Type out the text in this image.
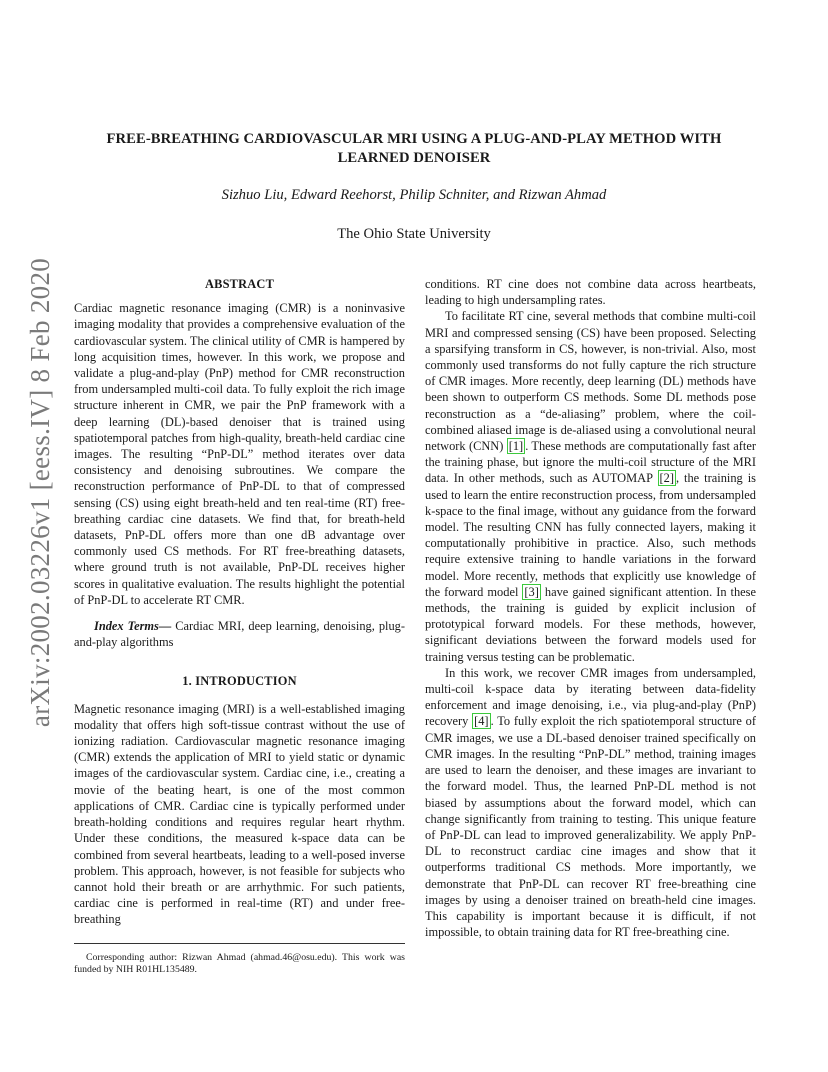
arXiv:2002.03226v1 [eess.IV] 8 Feb 2020
FREE-BREATHING CARDIOVASCULAR MRI USING A PLUG-AND-PLAY METHOD WITH LEARNED DENOISER
Sizhuo Liu, Edward Reehorst, Philip Schniter, and Rizwan Ahmad
The Ohio State University
ABSTRACT

Cardiac magnetic resonance imaging (CMR) is a noninvasive imaging modality that provides a comprehensive evaluation of the cardiovascular system. The clinical utility of CMR is hampered by long acquisition times, however. In this work, we propose and validate a plug-and-play (PnP) method for CMR reconstruction from undersampled multi-coil data. To fully exploit the rich image structure inherent in CMR, we pair the PnP framework with a deep learning (DL)-based denoiser that is trained using spatiotemporal patches from high-quality, breath-held cardiac cine images. The resulting “PnP-DL” method iterates over data consistency and denoising subroutines. We compare the reconstruction performance of PnP-DL to that of compressed sensing (CS) using eight breath-held and ten real-time (RT) free-breathing cardiac cine datasets. We find that, for breath-held datasets, PnP-DL offers more than one dB advantage over commonly used CS methods. For RT free-breathing datasets, where ground truth is not available, PnP-DL receives higher scores in qualitative evaluation. The results highlight the potential of PnP-DL to accelerate RT CMR.

Index Terms— Cardiac MRI, deep learning, denoising, plug-and-play algorithms

1. INTRODUCTION

Magnetic resonance imaging (MRI) is a well-established imaging modality that offers high soft-tissue contrast without the use of ionizing radiation. Cardiovascular magnetic resonance imaging (CMR) extends the application of MRI to yield static or dynamic images of the cardiovascular system. Cardiac cine, i.e., creating a movie of the beating heart, is one of the most common applications of CMR. Cardiac cine is typically performed under breath-holding conditions and requires regular heart rhythm. Under these conditions, the measured k-space data can be combined from several heartbeats, leading to a well-posed inverse problem. This approach, however, is not feasible for subjects who cannot hold their breath or are arrhythmic. For such patients, cardiac cine is performed in real-time (RT) and under free-breathing

Corresponding author: Rizwan Ahmad (ahmad.46@osu.edu). This work was funded by NIH R01HL135489.

conditions. RT cine does not combine data across heartbeats, leading to high undersampling rates.

To facilitate RT cine, several methods that combine multi-coil MRI and compressed sensing (CS) have been proposed. Selecting a sparsifying transform in CS, however, is non-trivial. Also, most commonly used transforms do not fully capture the rich structure of CMR images. More recently, deep learning (DL) methods have been shown to outperform CS methods. Some DL methods pose reconstruction as a “de-aliasing” problem, where the coil-combined aliased image is de-aliased using a convolutional neural network (CNN) [1] . These methods are computationally fast after the training phase, but ignore the multi-coil structure of the MRI data. In other methods, such as AUTOMAP [2] , the training is used to learn the entire reconstruction process, from undersampled k-space to the final image, without any guidance from the forward model. The resulting CNN has fully connected layers, making it computationally prohibitive in practice. Also, such methods require extensive training to handle variations in the forward model. More recently, methods that explicitly use knowledge of the forward model [3] have gained significant attention. In these methods, the training is guided by explicit inclusion of prototypical forward models. For these methods, however, significant deviations between the forward models used for training versus testing can be problematic.

In this work, we recover CMR images from undersampled, multi-coil k-space data by iterating between data-fidelity enforcement and image denoising, i.e., via plug-and-play (PnP) recovery [4] . To fully exploit the rich spatiotemporal structure of CMR images, we use a DL-based denoiser trained specifically on CMR images. In the resulting “PnP-DL” method, training images are used to learn the denoiser, and these images are invariant to the forward model. Thus, the learned PnP-DL method is not biased by assumptions about the forward model, which can change significantly from training to testing. This unique feature of PnP-DL can lead to improved generalizability. We apply PnP-DL to reconstruct cardiac cine images and show that it outperforms traditional CS methods. More importantly, we demonstrate that PnP-DL can recover RT free-breathing cine images by using a denoiser trained on breath-held cine images. This capability is important because it is difficult, if not impossible, to obtain training data for RT free-breathing cine.
